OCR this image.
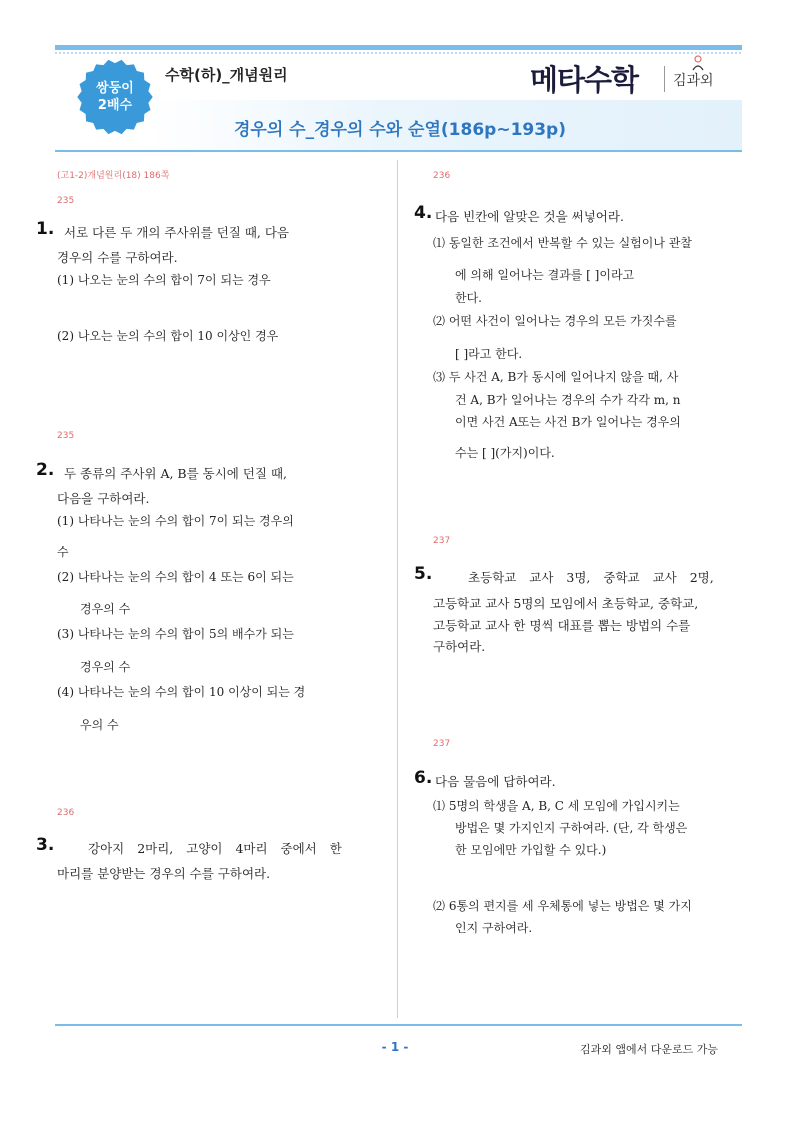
쌍둥이
2배수
수학(하)_개념원리
경우의 수_경우의 수와 순열(186p~193p)
메타수학 김과외
(고1-2)개념원리(18) 186쪽
235
1. 서로 다른 두 개의 주사위를 던질 때, 다음
경우의 수를 구하여라.
(1) 나오는 눈의 수의 합이 7이 되는 경우
(2) 나오는 눈의 수의 합이 10 이상인 경우
235
2. 두 종류의 주사위 A, B를 동시에 던질 때,
다음을 구하여라.
(1) 나타나는 눈의 수의 합이 7이 되는 경우의
수
(2) 나타나는 눈의 수의 합이 4 또는 6이 되는
경우의 수
(3) 나타나는 눈의 수의 합이 5의 배수가 되는
경우의 수
(4) 나타나는 눈의 수의 합이 10 이상이 되는 경
우의 수
236
3.	강아지 2마리, 고양이 4마리 중에서 한
마리를 분양받는 경우의 수를 구하여라.
236
4. 다음 빈칸에 알맞은 것을 써넣어라.
⑴ 동일한 조건에서 반복할 수 있는 실험이나 관찰
에 의해 일어나는 결과를 [ ]이라고
한다.
⑵ 어떤 사건이 일어나는 경우의 모든 가짓수를
[ ]라고 한다.
⑶ 두 사건 A, B가 동시에 일어나지 않을 때, 사
건 A, B가 일어나는 경우의 수가 각각 m, n
이면 사건 A또는 사건 B가 일어나는 경우의
수는 [ ](가지)이다.
237
5.	초등학교 교사 3명, 중학교 교사 2명,
고등학교 교사 5명의 모임에서 초등학교, 중학교,
고등학교 교사 한 명씩 대표를 뽑는 방법의 수를
구하여라.
237
6. 다음 물음에 답하여라.
⑴ 5명의 학생을 A, B, C 세 모임에 가입시키는
방법은 몇 가지인지 구하여라. (단, 각 학생은
한 모임에만 가입할 수 있다.)
⑵ 6통의 편지를 세 우체통에 넣는 방법은 몇 가지
인지 구하여라.
- 1 -	김과외 앱에서 다운로드 가능
